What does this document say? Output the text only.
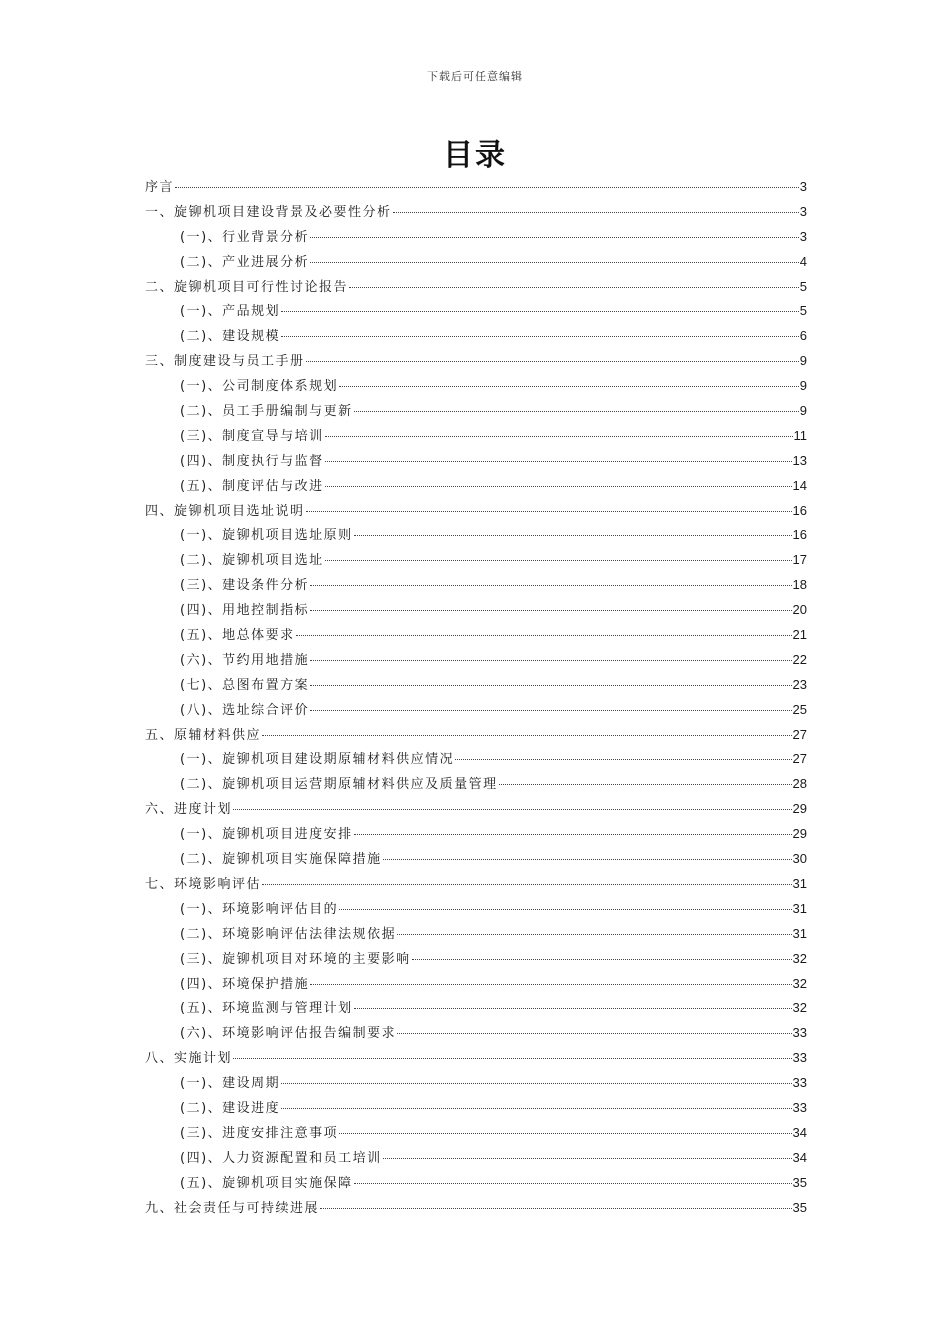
下载后可任意编辑
目录
序言	3
一、旋铆机项目建设背景及必要性分析	3
(一)、行业背景分析	3
(二)、产业进展分析	4
二、旋铆机项目可行性讨论报告	5
(一)、产品规划	5
(二)、建设规模	6
三、制度建设与员工手册	9
(一)、公司制度体系规划	9
(二)、员工手册编制与更新	9
(三)、制度宣导与培训	11
(四)、制度执行与监督	13
(五)、制度评估与改进	14
四、旋铆机项目选址说明	16
(一)、旋铆机项目选址原则	16
(二)、旋铆机项目选址	17
(三)、建设条件分析	18
(四)、用地控制指标	20
(五)、地总体要求	21
(六)、节约用地措施	22
(七)、总图布置方案	23
(八)、选址综合评价	25
五、原辅材料供应	27
(一)、旋铆机项目建设期原辅材料供应情况	27
(二)、旋铆机项目运营期原辅材料供应及质量管理	28
六、进度计划	29
(一)、旋铆机项目进度安排	29
(二)、旋铆机项目实施保障措施	30
七、环境影响评估	31
(一)、环境影响评估目的	31
(二)、环境影响评估法律法规依据	31
(三)、旋铆机项目对环境的主要影响	32
(四)、环境保护措施	32
(五)、环境监测与管理计划	32
(六)、环境影响评估报告编制要求	33
八、实施计划	33
(一)、建设周期	33
(二)、建设进度	33
(三)、进度安排注意事项	34
(四)、人力资源配置和员工培训	34
(五)、旋铆机项目实施保障	35
九、社会责任与可持续进展	35
